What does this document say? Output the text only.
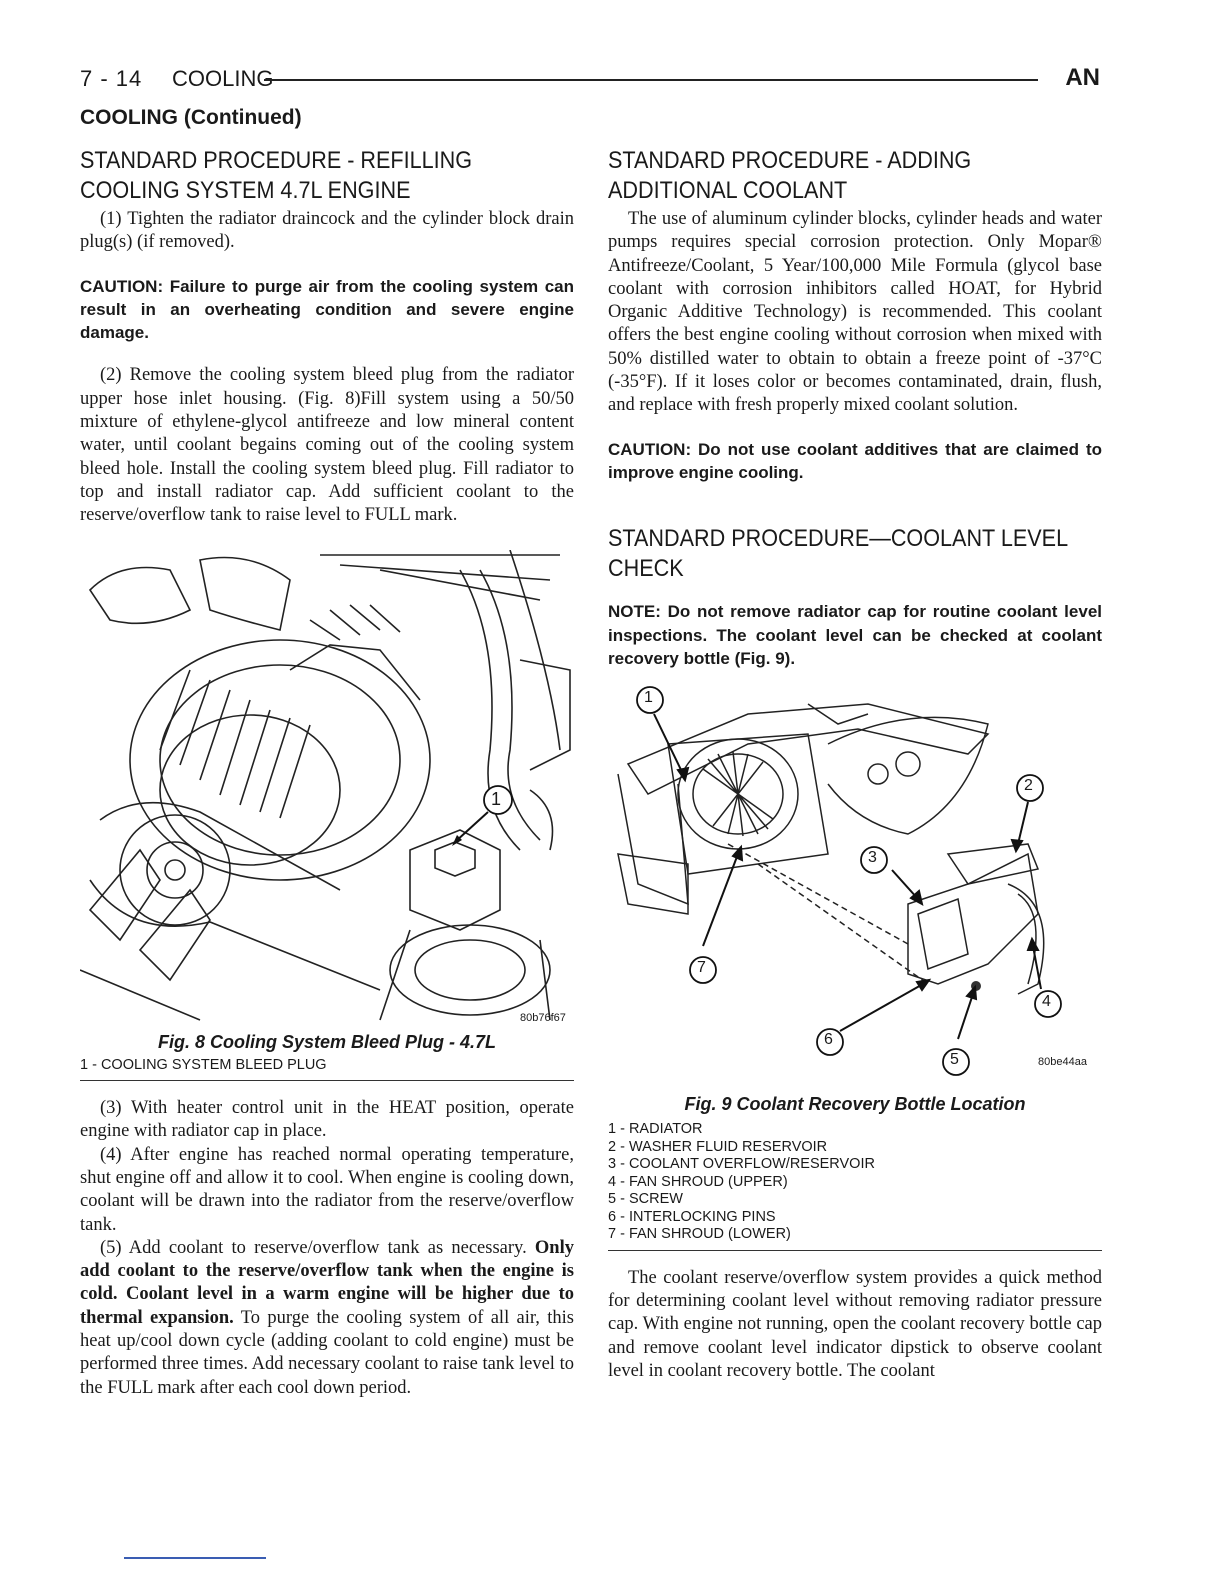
7 - 14 COOLING	AN
COOLING (Continued)
STANDARD PROCEDURE - REFILLING COOLING SYSTEM 4.7L ENGINE

(1) Tighten the radiator draincock and the cylinder block drain plug(s) (if removed).

CAUTION: Failure to purge air from the cooling system can result in an overheating condition and severe engine damage.

(2) Remove the cooling system bleed plug from the radiator upper hose inlet housing. (Fig. 8)Fill system using a 50/50 mixture of ethylene-glycol antifreeze and low mineral content water, until coolant begains coming out of the cooling system bleed hole. Install the cooling system bleed plug. Fill radiator to top and install radiator cap. Add sufficient coolant to the reserve/overflow tank to raise level to FULL mark.

1
80b76f67
Fig. 8 Cooling System Bleed Plug - 4.7L
1 - COOLING SYSTEM BLEED PLUG

(3) With heater control unit in the HEAT position, operate engine with radiator cap in place.

(4) After engine has reached normal operating temperature, shut engine off and allow it to cool. When engine is cooling down, coolant will be drawn into the radiator from the reserve/overflow tank.

(5) Add coolant to reserve/overflow tank as necessary. Only add coolant to the reserve/overflow tank when the engine is cold. Coolant level in a warm engine will be higher due to thermal expansion. To purge the cooling system of all air, this heat up/cool down cycle (adding coolant to cold engine) must be performed three times. Add necessary coolant to raise tank level to the FULL mark after each cool down period.

STANDARD PROCEDURE - ADDING ADDITIONAL COOLANT

The use of aluminum cylinder blocks, cylinder heads and water pumps requires special corrosion protection. Only Mopar® Antifreeze/Coolant, 5 Year/100,000 Mile Formula (glycol base coolant with corrosion inhibitors called HOAT, for Hybrid Organic Additive Technology) is recommended. This coolant offers the best engine cooling without corrosion when mixed with 50% distilled water to obtain to obtain a freeze point of -37°C (-35°F). If it loses color or becomes contaminated, drain, flush, and replace with fresh properly mixed coolant solution.

CAUTION: Do not use coolant additives that are claimed to improve engine cooling.

STANDARD PROCEDURE—COOLANT LEVEL CHECK

NOTE: Do not remove radiator cap for routine coolant level inspections. The coolant level can be checked at coolant recovery bottle (Fig. 9).

1
2
3
4
5
6
7
80be44aa
Fig. 9 Coolant Recovery Bottle Location
1 - RADIATOR
2 - WASHER FLUID RESERVOIR
3 - COOLANT OVERFLOW/RESERVOIR
4 - FAN SHROUD (UPPER)
5 - SCREW
6 - INTERLOCKING PINS
7 - FAN SHROUD (LOWER)

The coolant reserve/overflow system provides a quick method for determining coolant level without removing radiator pressure cap. With engine not running, open the coolant recovery bottle cap and remove coolant level indicator dipstick to observe coolant level in coolant recovery bottle. The coolant
